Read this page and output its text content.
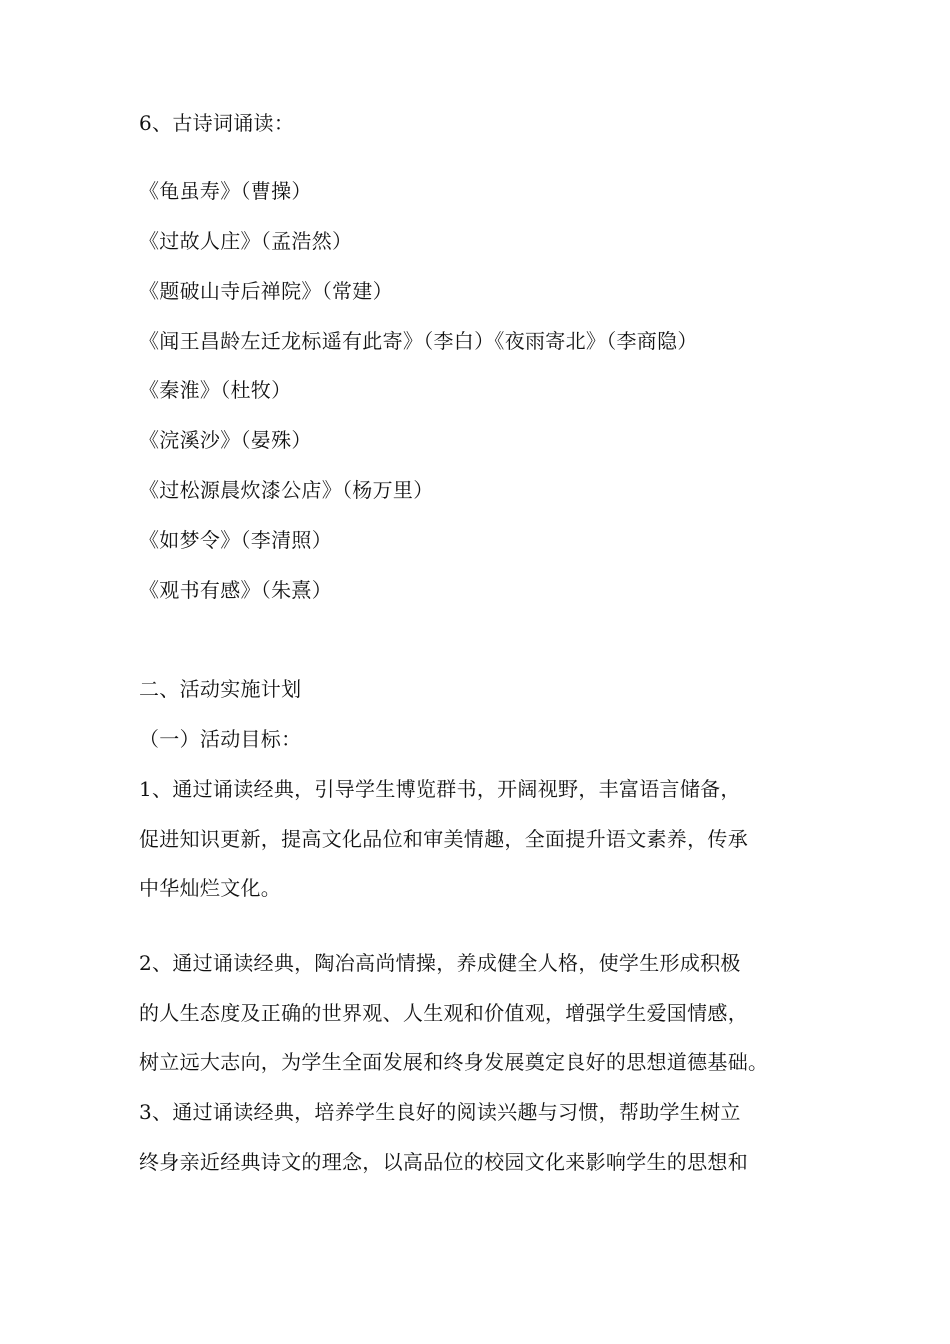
6、古诗词诵读：
《龟虽寿》（曹操）
《过故人庄》（孟浩然）
《题破山寺后禅院》（常建）
《闻王昌龄左迁龙标遥有此寄》（李白）《夜雨寄北》（李商隐）
《秦淮》（杜牧）
《浣溪沙》（晏殊）
《过松源晨炊漆公店》（杨万里）
《如梦令》（李清照）
《观书有感》（朱熹）
二、活动实施计划
（一）活动目标：
1、通过诵读经典，引导学生博览群书，开阔视野，丰富语言储备，
促进知识更新，提高文化品位和审美情趣，全面提升语文素养，传承
中华灿烂文化。
2、通过诵读经典，陶冶高尚情操，养成健全人格，使学生形成积极
的人生态度及正确的世界观、人生观和价值观，增强学生爱国情感，
树立远大志向，为学生全面发展和终身发展奠定良好的思想道德基础。
3、通过诵读经典，培养学生良好的阅读兴趣与习惯，帮助学生树立
终身亲近经典诗文的理念，以高品位的校园文化来影响学生的思想和
